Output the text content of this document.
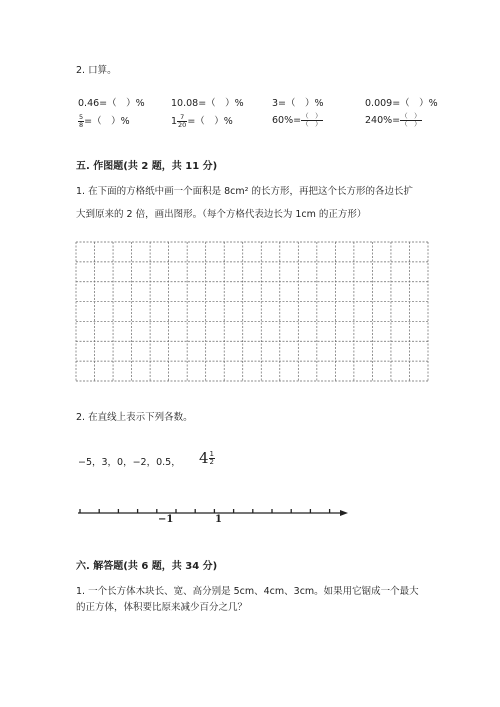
2. 口算。
0.46=（　）%	10.08=（　）%	3=（　）%	0.009=（　）%
$\frac{5}{8}$ =（　）%	$1 \frac{7}{20}$ =（　）%	$60\%= \frac{( )}{( )}$	$240\%= \frac{( )}{( )}$
五. 作图题(共 2 题，共 11 分)
1. 在下面的方格纸中画一个面积是 8cm² 的长方形，再把这个长方形的各边长扩
大到原来的 2 倍，画出图形。（每个方格代表边长为 1cm 的正方形）
2. 在直线上表示下列各数。
−5，3，0，−2，0.5， $4 \frac{1}{2}$
−1	1
六. 解答题(共 6 题，共 34 分)
1. 一个长方体木块长、宽、高分别是 5cm、4cm、3cm。如果用它锯成一个最大
的正方体，体积要比原来减少百分之几？
